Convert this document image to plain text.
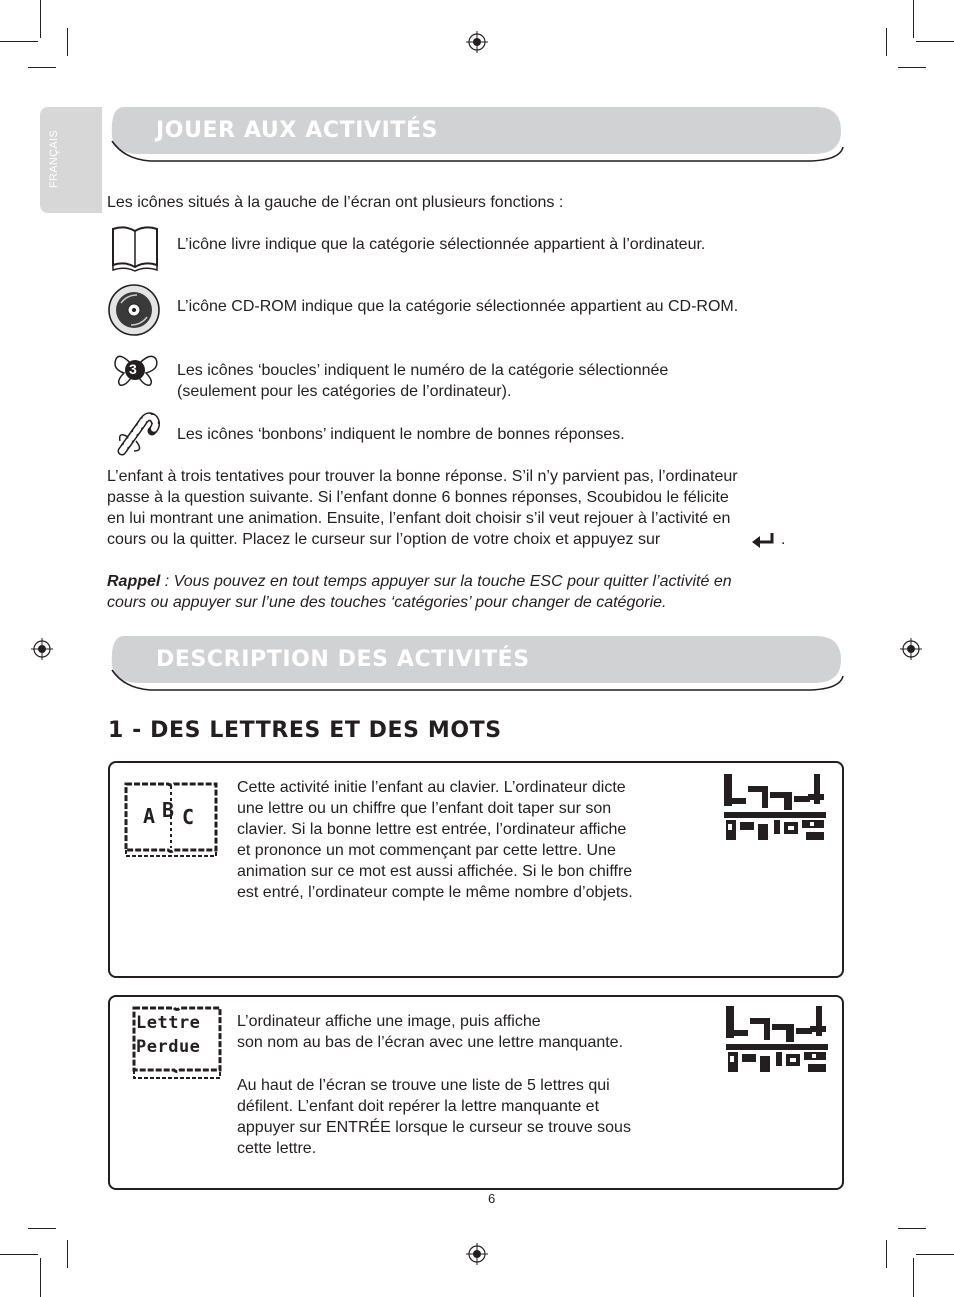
FRANÇAIS	JOUER AUX ACTIVITÉS

Les icônes situés à la gauche de l’écran ont plusieurs fonctions :

L’icône livre indique que la catégorie sélectionnée appartient à l’ordinateur.

L’icône CD-ROM indique que la catégorie sélectionnée appartient au CD-ROM.

3	Les icônes ‘boucles’ indiquent le numéro de la catégorie sélectionnée

(seulement pour les catégories de l’ordinateur).

Les icônes ‘bonbons’ indiquent le nombre de bonnes réponses.

L’enfant à trois tentatives pour trouver la bonne réponse. S’il n’y parvient pas, l’ordinateur

passe à la question suivante. Si l’enfant donne 6 bonnes réponses, Scoubidou le félicite

en lui montrant une animation. Ensuite, l’enfant doit choisir s’il veut rejouer à l’activité en

cours ou la quitter. Placez le curseur sur l’option de votre choix et appuyez sur	.

Rappel : Vous pouvez en tout temps appuyer sur la touche ESC pour quitter l’activité en

cours ou appuyer sur l’une des touches ‘catégories’ pour changer de catégorie.

DESCRIPTION DES ACTIVITÉS
1 - DES LETTRES ET DES MOTS
A B C

Cette activité initie l’enfant au clavier. L’ordinateur dicte

une lettre ou un chiffre que l’enfant doit taper sur son

clavier. Si la bonne lettre est entrée, l’ordinateur affiche

et prononce un mot commençant par cette lettre. Une

animation sur ce mot est aussi affichée. Si le bon chiffre

est entré, l’ordinateur compte le même nombre d’objets.

Lettre
Perdue

L’ordinateur affiche une image, puis affiche

son nom au bas de l’écran avec une lettre manquante.

Au haut de l’écran se trouve une liste de 5 lettres qui

défilent. L’enfant doit repérer la lettre manquante et

appuyer sur ENTRÉE lorsque le curseur se trouve sous

cette lettre.

6
